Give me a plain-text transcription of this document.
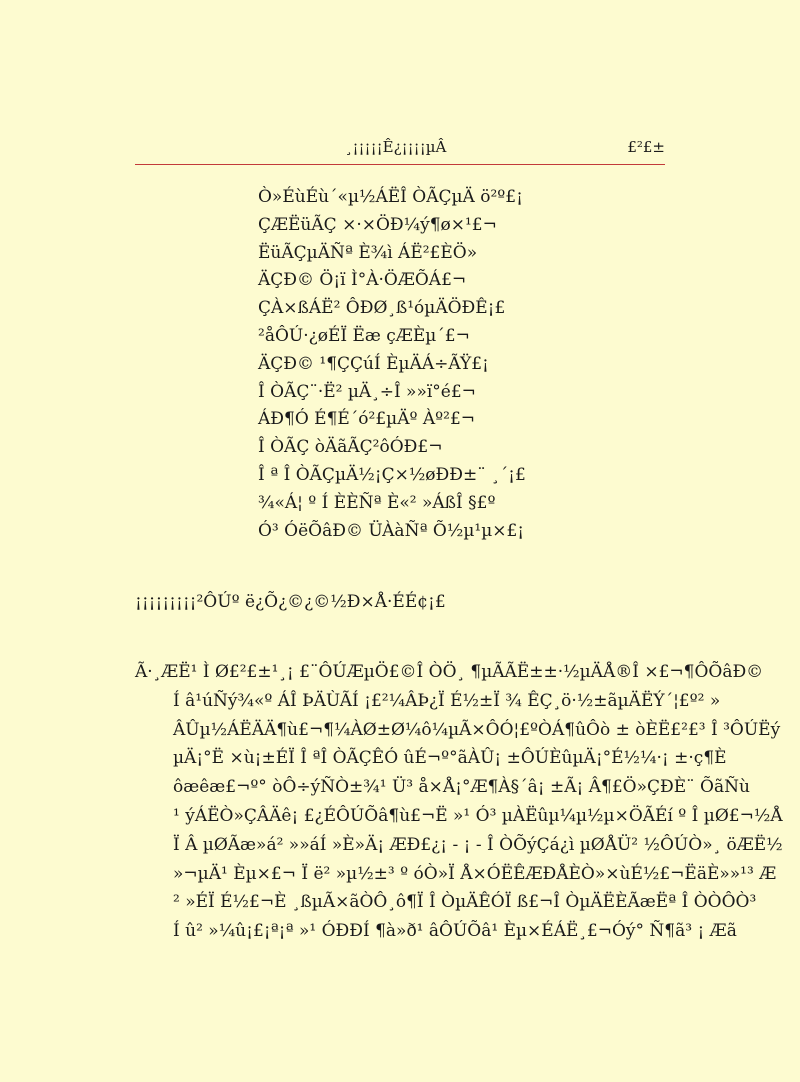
¸¡¡¡¡¡Ê¿¡¡¡¡µÂ	£²£±
Ò»ÉùÉù´«µ½ÁËÎ ÒÃÇµÄ ö²º£¡
ÇÆËüÃÇ ×·×ÖÐ¼ý¶ø×¹£¬
ËüÃÇµÄÑª È¾ì ÁË²£ÈÖ»
ÄÇÐ© Ö¡ï Ì°À·ÖÆÕÁ£¬
ÇÀ×ßÁË² ÔÐØ¸ß¹óµÄÖÐÊ¡£
²åÔÚ·¿øÉÏ Ëæ çÆÈµ´£¬
ÄÇÐ© ¹¶ÇÇúÍ ÈµÄÁ÷ÃŸ£¡
Î ÒÃÇ¨·Ë² µÄ¸÷Î »»ï°é£¬
ÁÐ¶Ó É¶É´ó²£µÄº Àº²£¬
Î ÒÃÇ òÄãÃÇ²ôÓÐ£¬
Î ª Î ÒÃÇµÄ½¡Ç×½øÐÐ±¨ ¸´¡£
¾«Á¦ º Í ÈÈÑª È«² »ÁßÎ §£º
Ó³ ÓëÕâÐ© ÜÀàÑª Õ½µ¹µ×£¡
¡¡¡¡¡¡¡¡¡²ÔÚº ë¿Õ¿©¿©½Ð×Å·ÉÉ¢¡£
Ã·¸ÆË¹ Ì Ø£²£±¹¸¡ £¨ÔÚÆµÖ£©Î ÒÖ¸ ¶µÃÃË±±·½µÄÅ®Î ×£¬¶ÔÕâÐ©
Í â¹úÑý¾«º ÁÎ ÞÄÙÃÍ ¡£²¼ÂÞ¿Ï É½±Ï ¾ ÊÇ¸ö·½±ãµÄËÝ´¦£º² »
ÂÛµ½ÁËÄÄ¶ù£¬¶¼ÀØ±Ø¼ô¼µÃ×ÔÓ¦£ºÒÁ¶ûÔò ± òÈË£²£³ Î ³ÔÚËý
µÄ¡°Ë ×ù¡±ÉÏ Î ªÎ ÒÃÇÊÓ ûÉ¬º°ãÀÛ¡ ±ÔÚÈûµÄ¡°É½¼·¡ ±·ç¶È
ôæêæ£¬º° òÔ÷ýÑÒ±¾¹ Ü³ å×Å¡°Æ¶À§´â¡ ±Ã¡ Â¶£Ö»ÇÐÈ¨ ÕãÑù
¹ ýÁËÒ»ÇÂÄê¡ £¿ÉÔÚÕâ¶ù£¬Ë »¹ Ó³ µÀËûµ¼µ½µ×ÖÃÉí º Î µØ£¬½Å
Ï Â µØÃæ»á² »»áÍ »È»Ä¡ ÆÐ£¿¡ - ¡ - Î ÒÕýÇá¿ì µØÅÜ² ½ÔÚÒ»¸ öÆË½
»¬µÄ¹ Èµ×£¬ Ï ë² »µ½±³ º óÒ»Ï Å×ÓËÊÆÐÅÈÒ»×ùÉ½£¬ËäÈ»»¹³ Æ
² »ÉÏ É½£¬È ¸ßµÃ×ãÒÔ¸ô¶Ï Î ÒµÄÊÓÏ ß£¬Î ÒµÄËÈÃæËª Î ÒÒÔÒ³
Í û² »¼û¡£¡ª¡ª »¹ ÓÐÐÍ ¶à»ð¹ âÔÚÕâ¹ Èµ×ÉÁË¸£¬Óý° Ñ¶ã³ ¡ Æã
